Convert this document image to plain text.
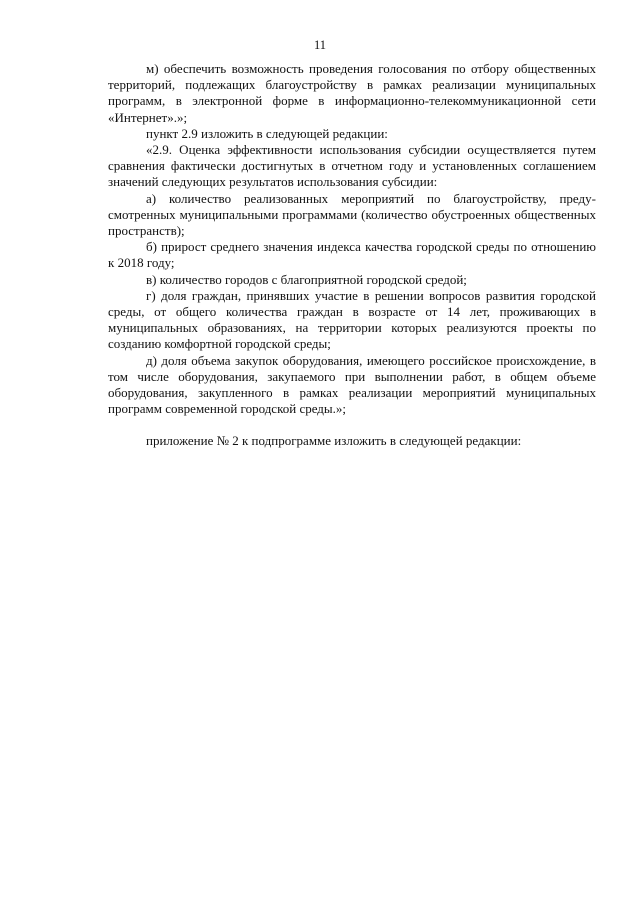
11

м) обеспечить возможность проведения голосования по отбору общественных территорий, подлежащих благоустройству в рамках реализации муниципальных программ, в электронной форме в информационно-телекоммуникационной сети «Интернет».»;

пункт 2.9 изложить в следующей редакции:

«2.9. Оценка эффективности использования субсидии осуществляется путем сравнения фактически достигнутых в отчетном году и установленных соглашением значений следующих результатов использования субсидии:

а) количество реализованных мероприятий по благоустройству, предусмотренных муниципальными программами (количество обустроенных общественных пространств);

б) прирост среднего значения индекса качества городской среды по отношению к 2018 году;

в) количество городов с благоприятной городской средой;

г) доля граждан, принявших участие в решении вопросов развития городской среды, от общего количества граждан в возрасте от 14 лет, проживающих в муниципальных образованиях, на территории которых реализуются проекты по созданию комфортной городской среды;

д) доля объема закупок оборудования, имеющего российское происхождение, в том числе оборудования, закупаемого при выполнении работ, в общем объеме оборудования, закупленного в рамках реализации мероприятий муниципальных программ современной городской среды.»;

приложение № 2 к подпрограмме изложить в следующей редакции:
